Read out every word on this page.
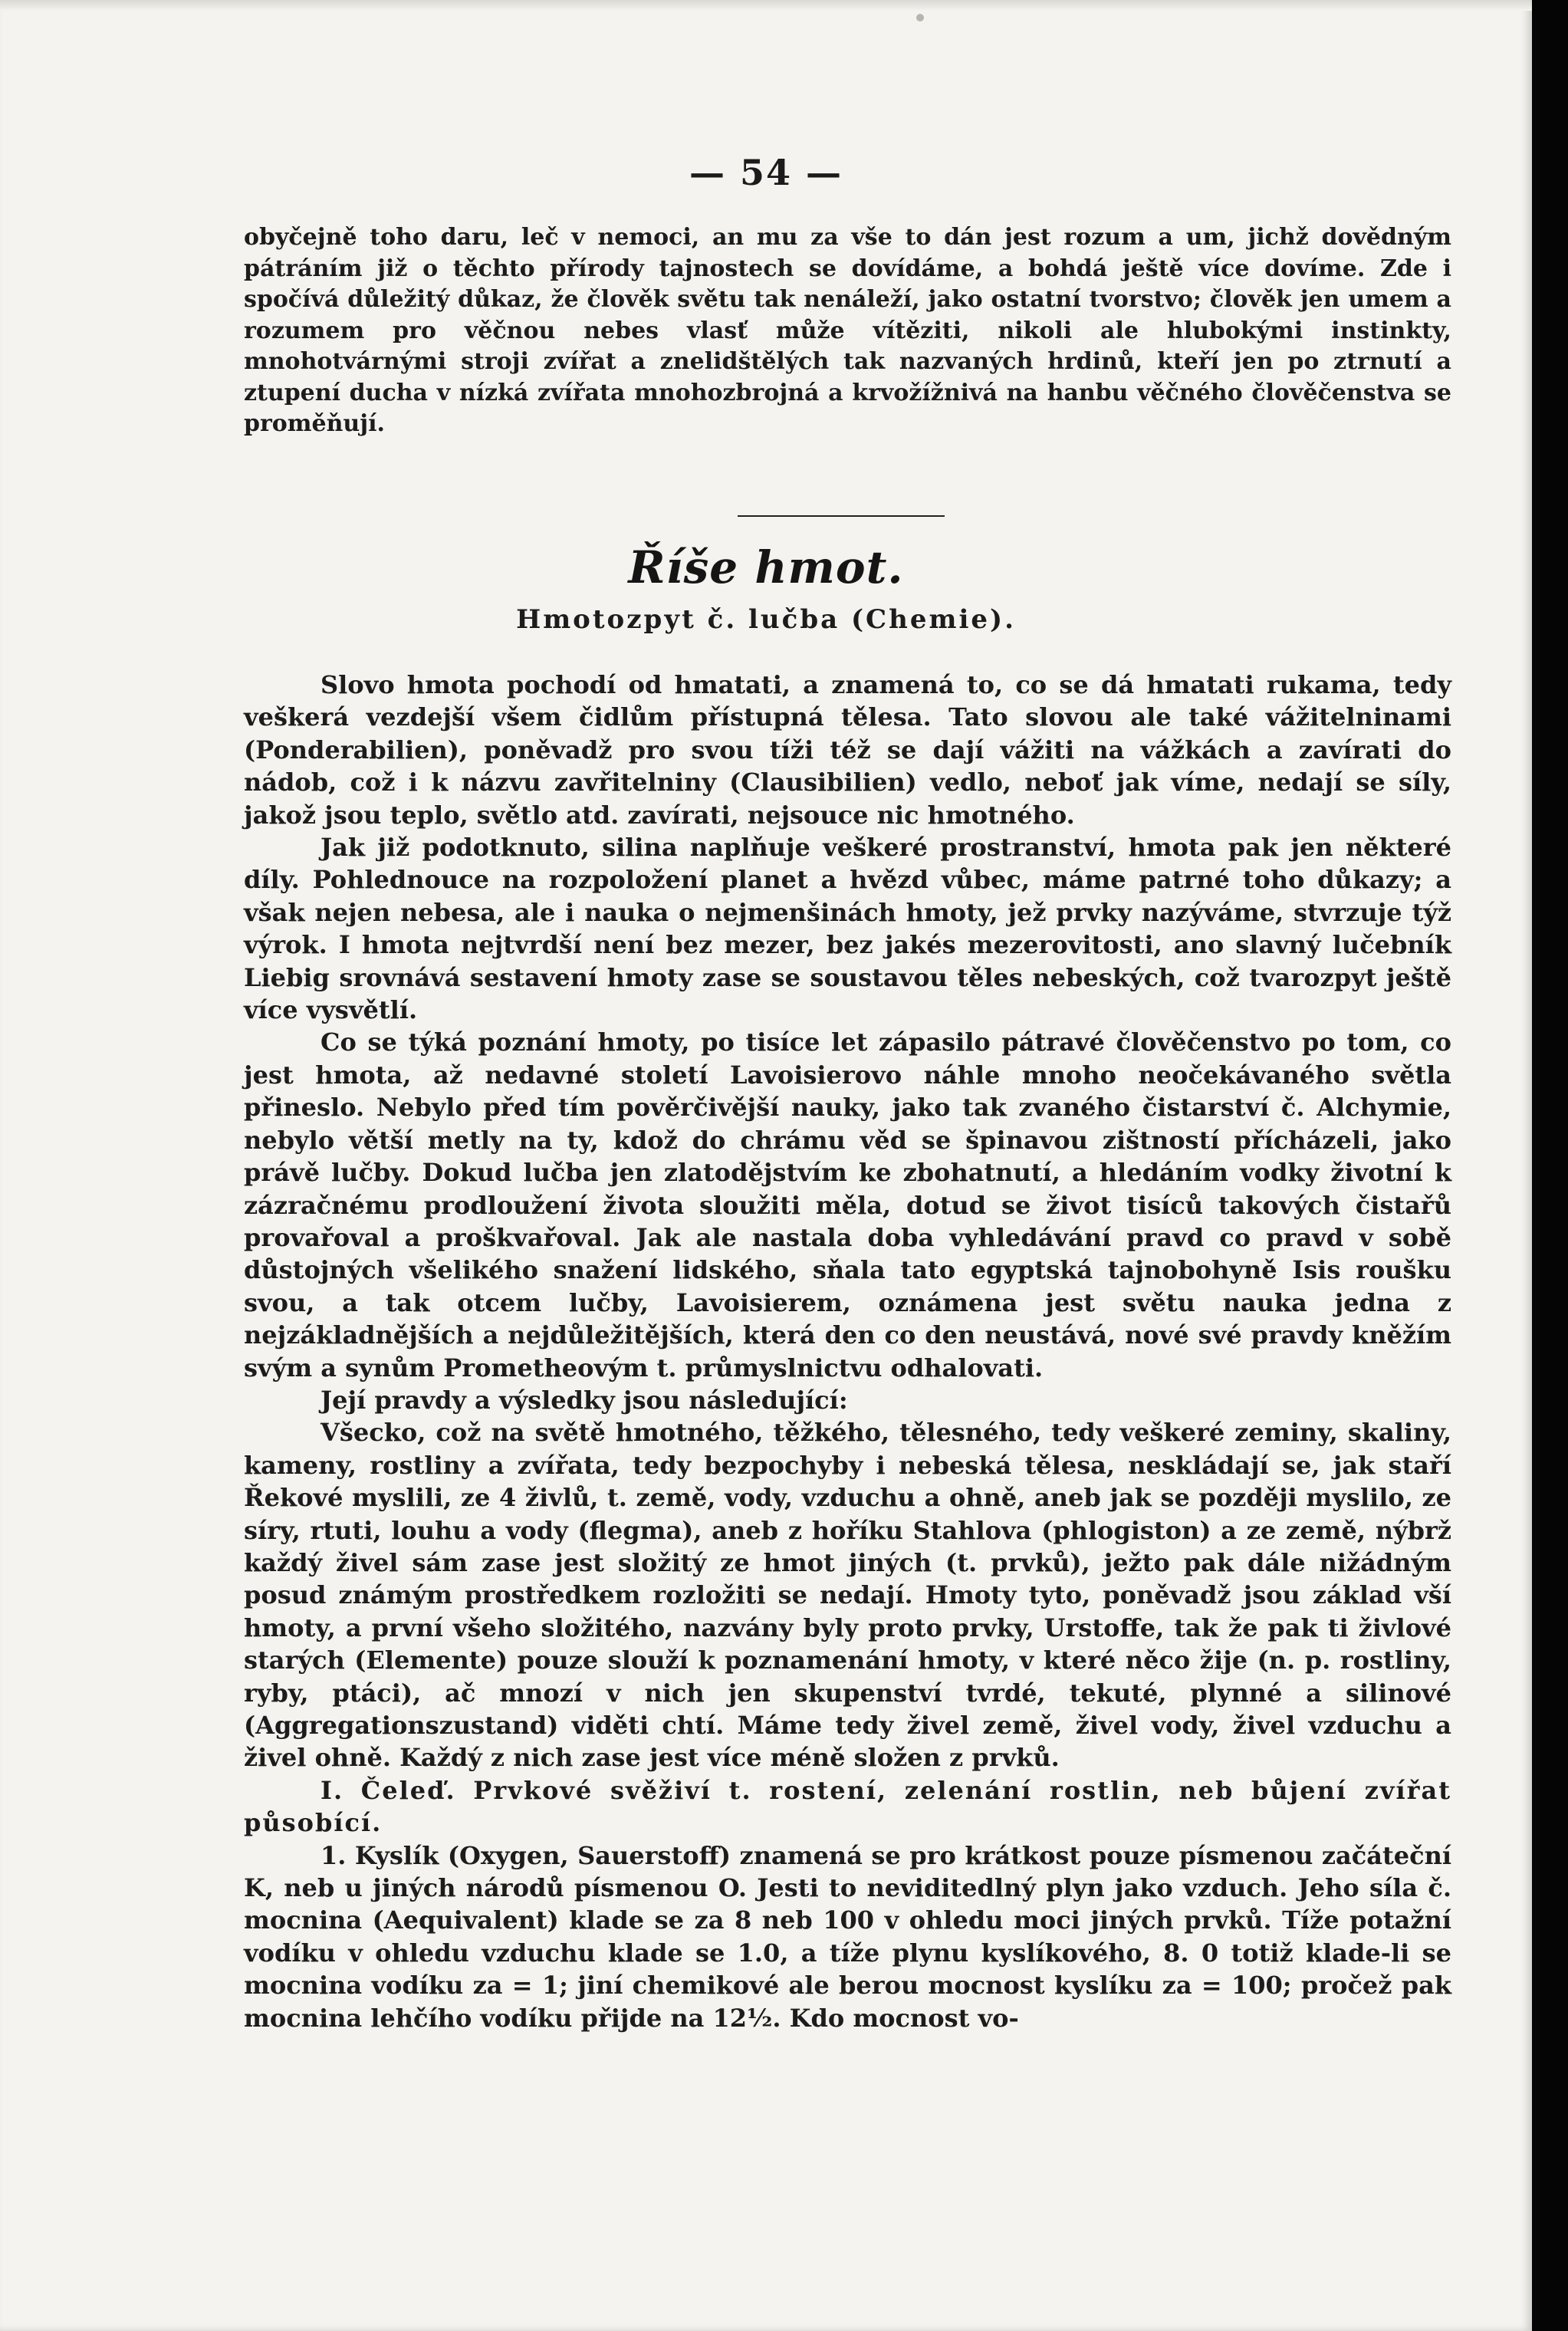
— 54 —

obyčejně toho daru, leč v nemoci, an mu za vše to dán jest rozum a um, jichž dovědným pátráním již o těchto přírody tajnostech se dovídáme, a bohdá ještě více dovíme. Zde i spočívá důležitý důkaz, že člověk světu tak nenáleží, jako ostatní tvorstvo; člověk jen umem a rozumem pro věčnou nebes vlasť může vítěziti, nikoli ale hlubokými instinkty, mnohotvárnými stroji zvířat a znelidštělých tak nazvaných hrdinů, kteří jen po ztrnutí a ztupení ducha v nízká zvířata mnohozbrojná a krvožížnivá na hanbu věčného člověčenstva se proměňují.

Říše hmot.
Hmotozpyt č. lučba (Chemie).

Slovo hmota pochodí od hmatati, a znamená to, co se dá hmatati rukama, tedy veškerá vezdejší všem čidlům přístupná tělesa. Tato slovou ale také vážitelninami (Ponderabilien), poněvadž pro svou tíži též se dají vážiti na vážkách a zavírati do nádob, což i k názvu zavřitelniny (Clausibilien) vedlo, neboť jak víme, nedají se síly, jakož jsou teplo, světlo atd. zavírati, nejsouce nic hmotného.

Jak již podotknuto, silina naplňuje veškeré prostranství, hmota pak jen některé díly. Pohlednouce na rozpoložení planet a hvězd vůbec, máme patrné toho důkazy; a však nejen nebesa, ale i nauka o nejmenšinách hmoty, jež prvky nazýváme, stvrzuje týž výrok. I hmota nejtvrdší není bez mezer, bez jakés mezerovitosti, ano slavný lučebník Liebig srovnává sestavení hmoty zase se soustavou těles nebeských, což tvarozpyt ještě více vysvětlí.

Co se týká poznání hmoty, po tisíce let zápasilo pátravé člověčenstvo po tom, co jest hmota, až nedavné století Lavoisierovo náhle mnoho neočekávaného světla přineslo. Nebylo před tím pověrčivější nauky, jako tak zvaného čistarství č. Alchymie, nebylo větší metly na ty, kdož do chrámu věd se špinavou zištností přícházeli, jako právě lučby. Dokud lučba jen zlatodějstvím ke zbohatnutí, a hledáním vodky životní k zázračnému prodloužení života sloužiti měla, dotud se život tisíců takových čistařů provařoval a proškvařoval. Jak ale nastala doba vyhledávání pravd co pravd v sobě důstojných všelikého snažení lidského, sňala tato egyptská tajnobohyně Isis roušku svou, a tak otcem lučby, Lavoisierem, oznámena jest světu nauka jedna z nejzákladnějších a nejdůležitějších, která den co den neustává, nové své pravdy kněžím svým a synům Prometheovým t. průmyslnictvu odhalovati.

Její pravdy a výsledky jsou následující:

Všecko, což na světě hmotného, těžkého, tělesného, tedy veškeré zeminy, skaliny, kameny, rostliny a zvířata, tedy bezpochyby i nebeská tělesa, neskládají se, jak staří Řekové myslili, ze 4 živlů, t. země, vody, vzduchu a ohně, aneb jak se později myslilo, ze síry, rtuti, louhu a vody (flegma), aneb z hoříku Stahlova (phlogiston) a ze země, nýbrž každý živel sám zase jest složitý ze hmot jiných (t. prvků), ježto pak dále nižádným posud známým prostředkem rozložiti se nedají. Hmoty tyto, poněvadž jsou základ vší hmoty, a první všeho složitého, nazvány byly proto prvky, Urstoffe, tak že pak ti živlové starých (Elemente) pouze slouží k poznamenání hmoty, v které něco žije (n. p. rostliny, ryby, ptáci), ač mnozí v nich jen skupenství tvrdé, tekuté, plynné a silinové (Aggregationszustand) viděti chtí. Máme tedy živel země, živel vody, živel vzduchu a živel ohně. Každý z nich zase jest více méně složen z prvků.

I. Čeleď. Prvkové svěživí t. rostení, zelenání rostlin, neb bůjení zvířat působící.

1. Kyslík (Oxygen, Sauerstoff) znamená se pro krátkost pouze písmenou začáteční K, neb u jiných národů písmenou O. Jesti to neviditedlný plyn jako vzduch. Jeho síla č. mocnina (Aequivalent) klade se za 8 neb 100 v ohledu moci jiných prvků. Tíže potažní vodíku v ohledu vzduchu klade se 1.0, a tíže plynu kyslíkového, 8. 0 totiž klade-li se mocnina vodíku za = 1; jiní chemikové ale berou mocnost kyslíku za = 100; pročež pak mocnina lehčího vodíku přijde na 12½. Kdo mocnost vo-
